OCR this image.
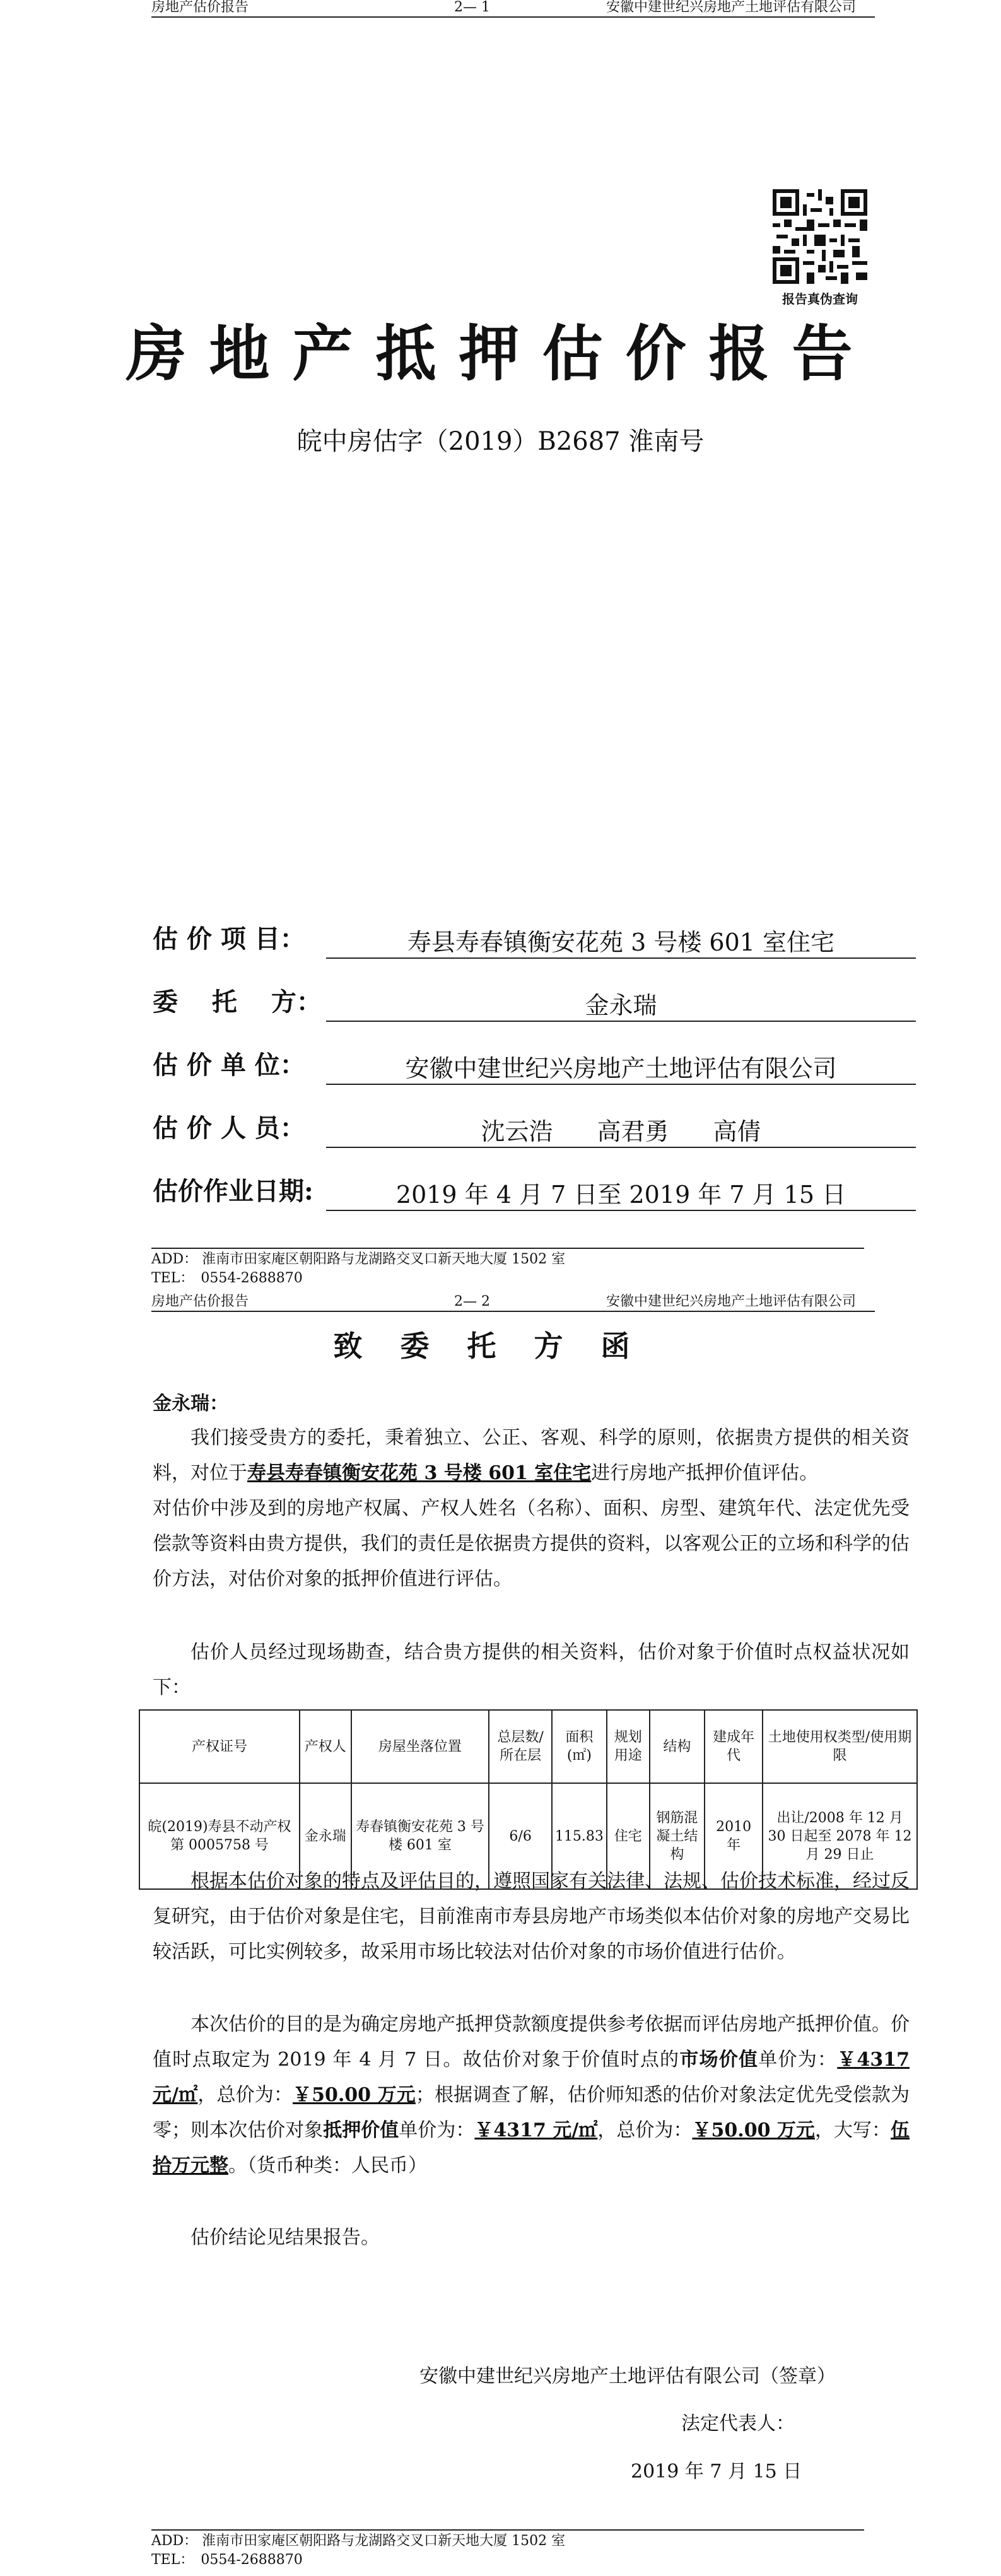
房地产估价报告	2— 1	安徽中建世纪兴房地产土地评估有限公司
报告真伪查询
房地产抵押估价报告
皖中房估字（2019）B2687 淮南号
估 价 项 目：	寿县寿春镇衡安花苑 3 号楼 601 室住宅
委　 托　 方：	金永瑞
估 价 单 位：	安徽中建世纪兴房地产土地评估有限公司
估 价 人 员：	沈云浩 高君勇 高倩
估价作业日期:	2019 年 4 月 7 日至 2019 年 7 月 15 日
ADD： 淮南市田家庵区朝阳路与龙湖路交叉口新天地大厦 1502 室
TEL：　0554-2688870
房地产估价报告	2— 2	安徽中建世纪兴房地产土地评估有限公司
致委托方函
金永瑞：
我们接受贵方的委托，秉着独立、公正、客观、科学的原则，依据贵方提供的相关资料，对位于寿县寿春镇衡安花苑 3 号楼 601 室住宅进行房地产抵押价值评估。
对估价中涉及到的房地产权属、产权人姓名（名称）、面积、房型、建筑年代、法定优先受偿款等资料由贵方提供，我们的责任是依据贵方提供的资料，以客观公正的立场和科学的估价方法，对估价对象的抵押价值进行评估。
估价人员经过现场勘查，结合贵方提供的相关资料，估价对象于价值时点权益状况如下：
产权证号	产权人	房屋坐落位置	总层数/所在层	面积(㎡)	规划用途	结构	建成年代	土地使用权类型/使用期限
皖(2019)寿县不动产权第 0005758 号	金永瑞	寿春镇衡安花苑 3 号楼 601 室	6/6	115.83	住宅	钢筋混凝土结构	2010 年	出让/2008 年 12 月 30 日起至 2078 年 12 月 29 日止
根据本估价对象的特点及评估目的，遵照国家有关法律、法规、估价技术标准，经过反复研究，由于估价对象是住宅，目前淮南市寿县房地产市场类似本估价对象的房地产交易比较活跃，可比实例较多，故采用市场比较法对估价对象的市场价值进行估价。
本次估价的目的是为确定房地产抵押贷款额度提供参考依据而评估房地产抵押价值。价值时点取定为 2019 年 4 月 7 日。故估价对象于价值时点的市场价值单价为：￥4317 元/㎡，总价为：￥50.00 万元；根据调查了解，估价师知悉的估价对象法定优先受偿款为零；则本次估价对象抵押价值单价为：￥4317 元/㎡，总价为：￥50.00 万元，大写：伍拾万元整。（货币种类：人民币）
估价结论见结果报告。
安徽中建世纪兴房地产土地评估有限公司（签章）
法定代表人：
2019 年 7 月 15 日
ADD： 淮南市田家庵区朝阳路与龙湖路交叉口新天地大厦 1502 室
TEL：　0554-2688870
